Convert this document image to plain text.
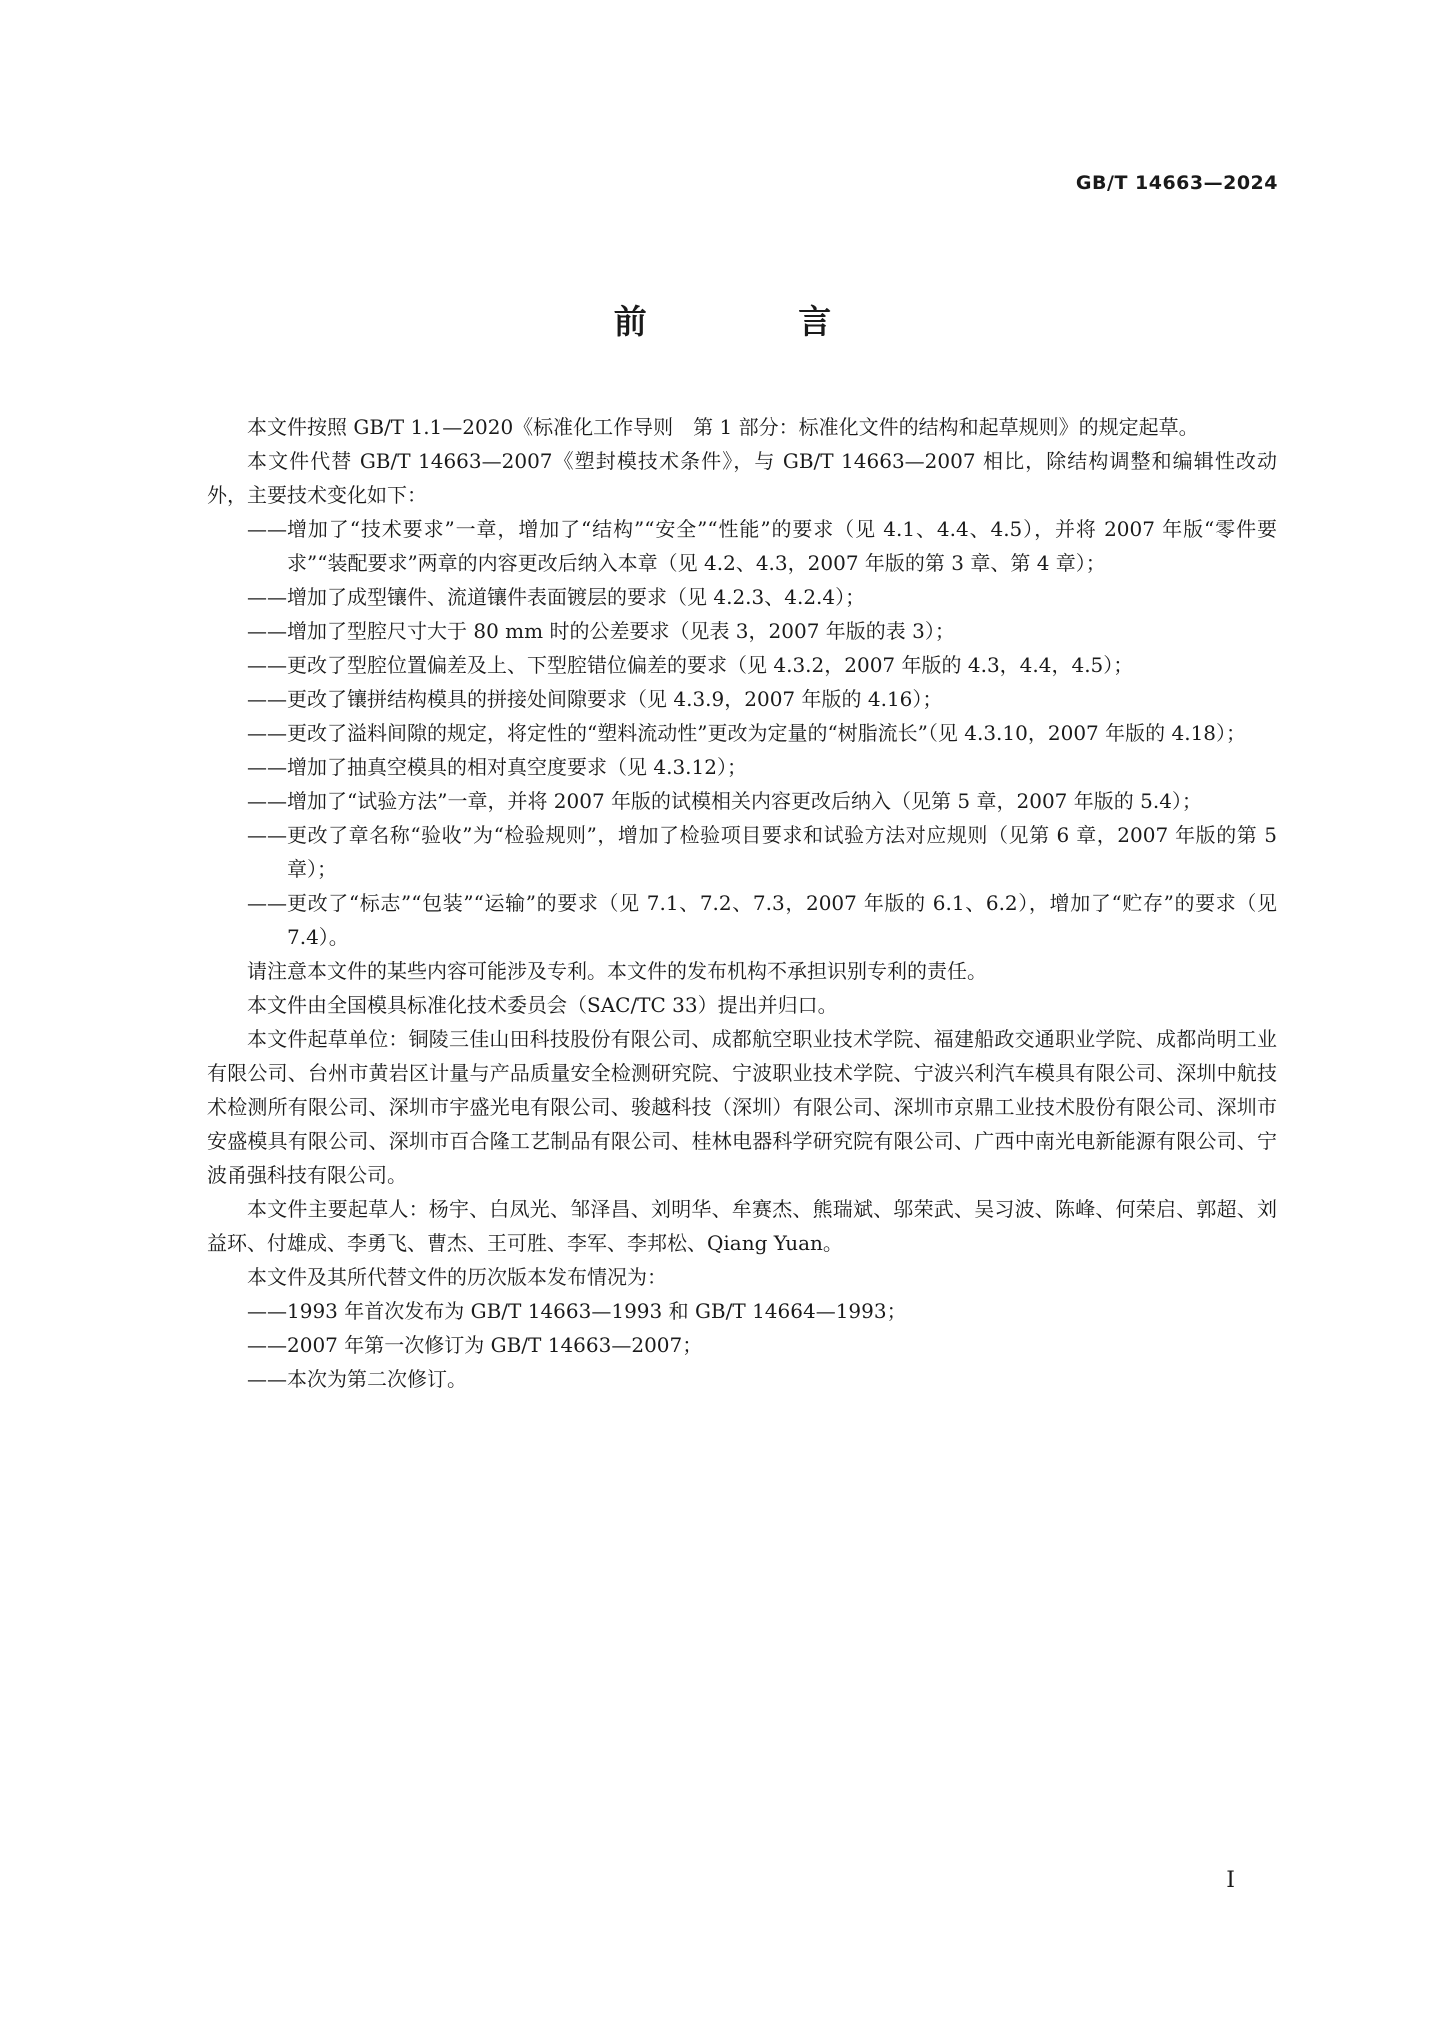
GB/T 14663—2024
前 言

本文件按照 GB/T 1.1—2020《标准化工作导则　第 1 部分：标准化文件的结构和起草规则》的规定起草。

本文件代替 GB/T 14663—2007《塑封模技术条件》，与 GB/T 14663—2007 相比，除结构调整和编辑性改动外，主要技术变化如下：

—— 增加了“技术要求”一章，增加了“结构”“安全”“性能”的要求（见 4.1、4.4、4.5），并将 2007 年版“零件要求”“装配要求”两章的内容更改后纳入本章（见 4.2、4.3，2007 年版的第 3 章、第 4 章）；
—— 增加了成型镶件、流道镶件表面镀层的要求（见 4.2.3、4.2.4）；
—— 增加了型腔尺寸大于 80 mm 时的公差要求（见表 3，2007 年版的表 3）；
—— 更改了型腔位置偏差及上、下型腔错位偏差的要求（见 4.3.2，2007 年版的 4.3，4.4，4.5）；
—— 更改了镶拼结构模具的拼接处间隙要求（见 4.3.9，2007 年版的 4.16）；
—— 更改了溢料间隙的规定，将定性的“塑料流动性”更改为定量的“树脂流长”（见 4.3.10，2007 年版的 4.18）；
—— 增加了抽真空模具的相对真空度要求（见 4.3.12）；
—— 增加了“试验方法”一章，并将 2007 年版的试模相关内容更改后纳入（见第 5 章，2007 年版的 5.4）；
—— 更改了章名称“验收”为“检验规则”，增加了检验项目要求和试验方法对应规则（见第 6 章，2007 年版的第 5 章）；
—— 更改了“标志”“包装”“运输”的要求（见 7.1、7.2、7.3，2007 年版的 6.1、6.2），增加了“贮存”的要求（见 7.4）。

请注意本文件的某些内容可能涉及专利。本文件的发布机构不承担识别专利的责任。

本文件由全国模具标准化技术委员会（SAC/TC 33）提出并归口。

本文件起草单位：铜陵三佳山田科技股份有限公司、成都航空职业技术学院、福建船政交通职业学院、成都尚明工业有限公司、台州市黄岩区计量与产品质量安全检测研究院、宁波职业技术学院、宁波兴利汽车模具有限公司、深圳中航技术检测所有限公司、深圳市宇盛光电有限公司、骏越科技（深圳）有限公司、深圳市京鼎工业技术股份有限公司、深圳市安盛模具有限公司、深圳市百合隆工艺制品有限公司、桂林电器科学研究院有限公司、广西中南光电新能源有限公司、宁波甬强科技有限公司。

本文件主要起草人：杨宇、白凤光、邹泽昌、刘明华、牟赛杰、熊瑞斌、邬荣武、吴习波、陈峰、何荣启、郭超、刘益环、付雄成、李勇飞、曹杰、王可胜、李军、李邦松、Qiang Yuan。

本文件及其所代替文件的历次版本发布情况为：

—— 1993 年首次发布为 GB/T 14663—1993 和 GB/T 14664—1993；
—— 2007 年第一次修订为 GB/T 14663—2007；
—— 本次为第二次修订。
I
